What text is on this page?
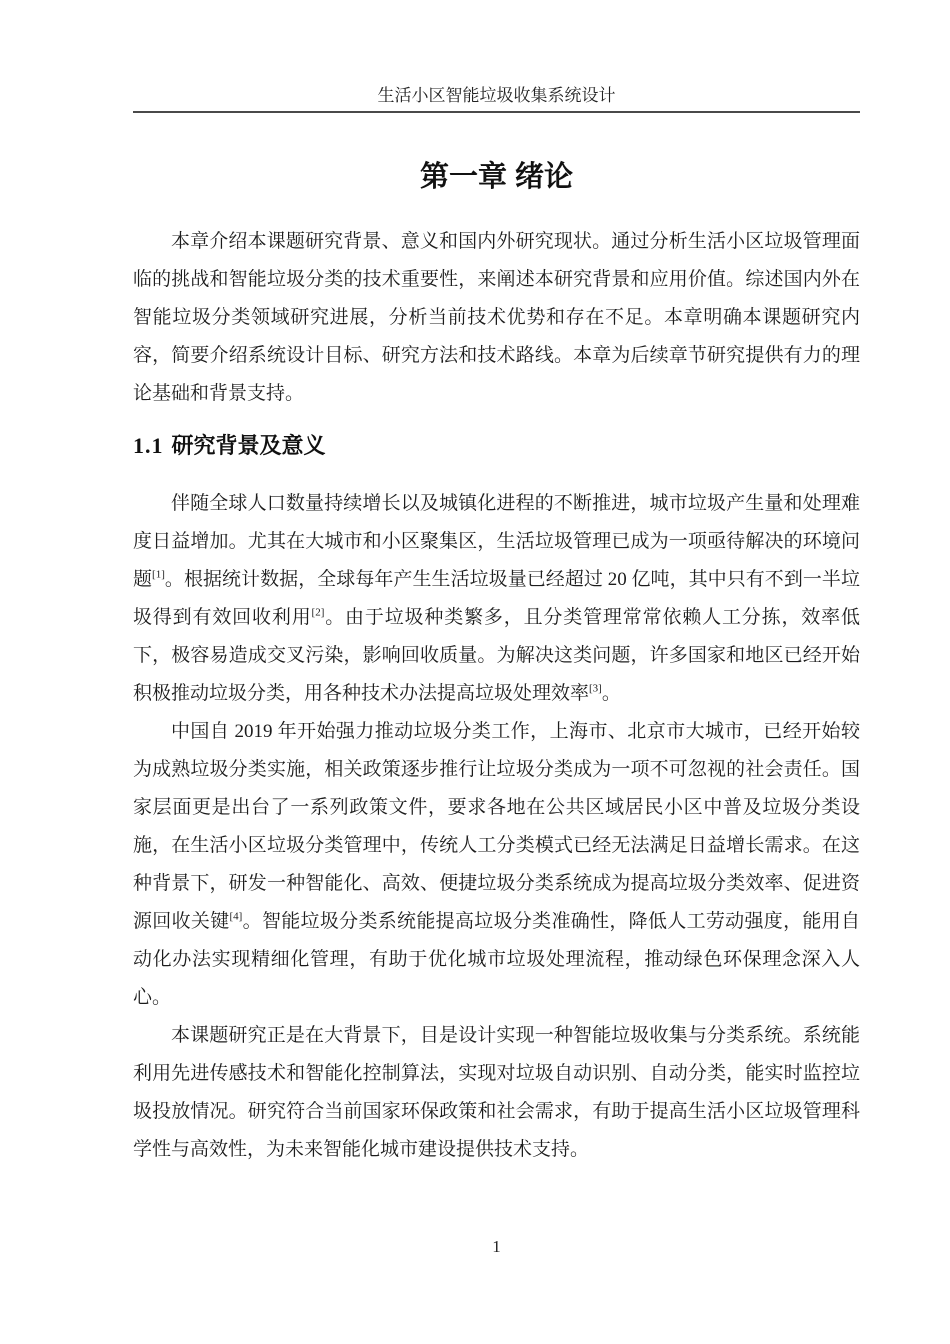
生活小区智能垃圾收集系统设计
第一章 绪论

本章介绍本课题研究背景、意义和国内外研究现状。通过分析生活小区垃圾管理面临的挑战和智能垃圾分类的技术重要性，来阐述本研究背景和应用价值。综述国内外在智能垃圾分类领域研究进展，分析当前技术优势和存在不足。本章明确本课题研究内容，简要介绍系统设计目标、研究方法和技术路线。本章为后续章节研究提供有力的理论基础和背景支持。

1.1 研究背景及意义

伴随全球人口数量持续增长以及城镇化进程的不断推进，城市垃圾产生量和处理难度日益增加。尤其在大城市和小区聚集区，生活垃圾管理已成为一项亟待解决的环境问题[1]。根据统计数据，全球每年产生生活垃圾量已经超过 20 亿吨，其中只有不到一半垃圾得到有效回收利用[2]。由于垃圾种类繁多，且分类管理常常依赖人工分拣，效率低下，极容易造成交叉污染，影响回收质量。为解决这类问题，许多国家和地区已经开始积极推动垃圾分类，用各种技术办法提高垃圾处理效率[3]。

中国自 2019 年开始强力推动垃圾分类工作，上海市、北京市大城市，已经开始较为成熟垃圾分类实施，相关政策逐步推行让垃圾分类成为一项不可忽视的社会责任。国家层面更是出台了一系列政策文件，要求各地在公共区域居民小区中普及垃圾分类设施，在生活小区垃圾分类管理中，传统人工分类模式已经无法满足日益增长需求。在这种背景下，研发一种智能化、高效、便捷垃圾分类系统成为提高垃圾分类效率、促进资源回收关键[4]。智能垃圾分类系统能提高垃圾分类准确性，降低人工劳动强度，能用自动化办法实现精细化管理，有助于优化城市垃圾处理流程，推动绿色环保理念深入人心。

本课题研究正是在大背景下，目是设计实现一种智能垃圾收集与分类系统。系统能利用先进传感技术和智能化控制算法，实现对垃圾自动识别、自动分类，能实时监控垃圾投放情况。研究符合当前国家环保政策和社会需求，有助于提高生活小区垃圾管理科学性与高效性，为未来智能化城市建设提供技术支持。

1
